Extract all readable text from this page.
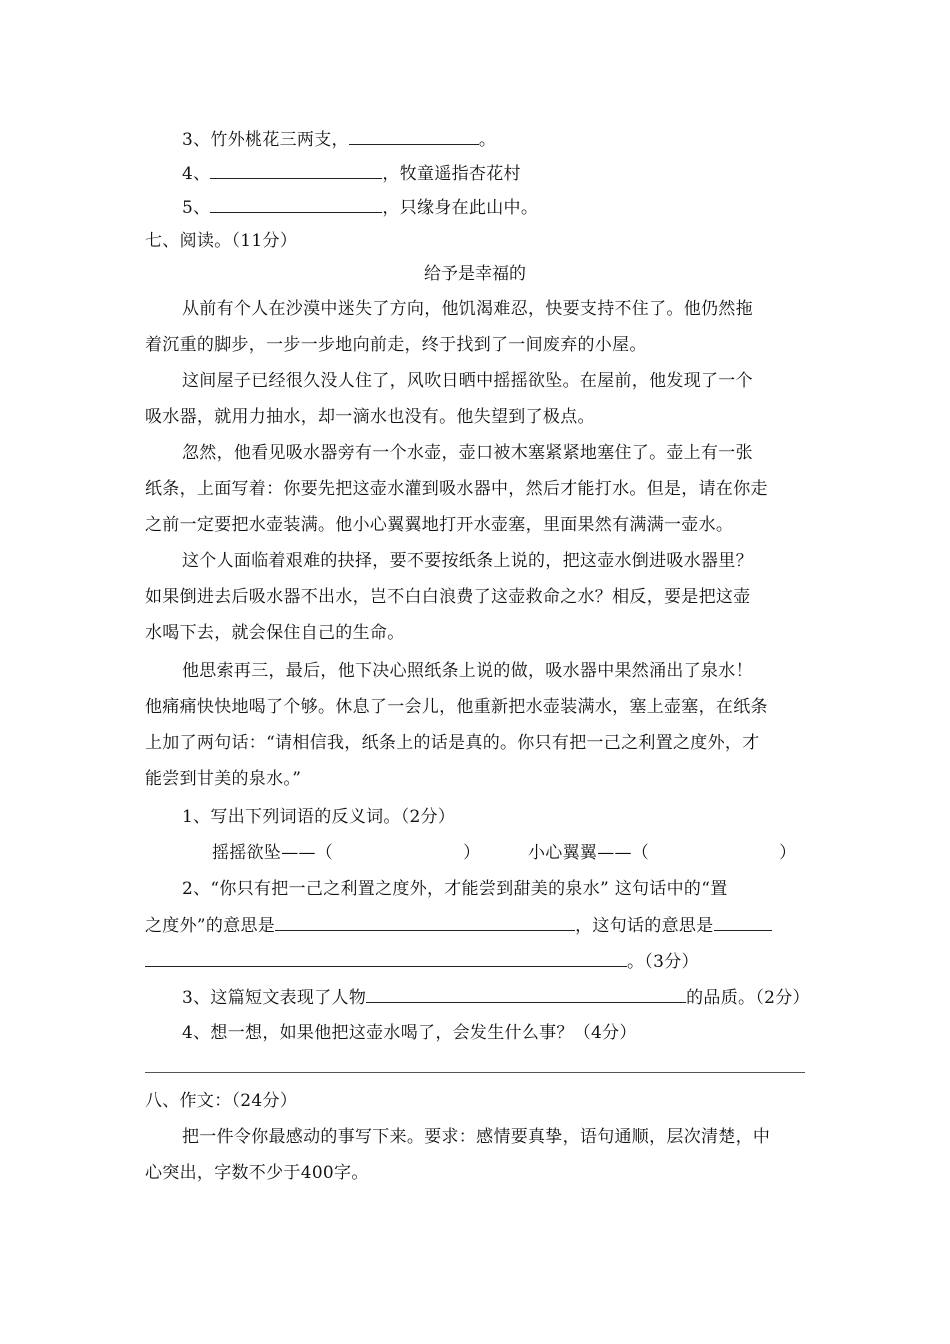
3、竹外桃花三两支，	。
4、	，牧童遥指杏花村
5、	，只缘身在此山中。
七、阅读。（11分）
给予是幸福的
从前有个人在沙漠中迷失了方向，他饥渴难忍，快要支持不住了。他仍然拖
着沉重的脚步，一步一步地向前走，终于找到了一间废弃的小屋。
这间屋子已经很久没人住了，风吹日晒中摇摇欲坠。在屋前，他发现了一个
吸水器，就用力抽水，却一滴水也没有。他失望到了极点。
忽然，他看见吸水器旁有一个水壶，壶口被木塞紧紧地塞住了。壶上有一张
纸条，上面写着：你要先把这壶水灌到吸水器中，然后才能打水。但是，请在你走
之前一定要把水壶装满。他小心翼翼地打开水壶塞，里面果然有满满一壶水。
这个人面临着艰难的抉择，要不要按纸条上说的，把这壶水倒进吸水器里？
如果倒进去后吸水器不出水，岂不白白浪费了这壶救命之水？相反，要是把这壶
水喝下去，就会保住自己的生命。
他思索再三，最后，他下决心照纸条上说的做，吸水器中果然涌出了泉水！
他痛痛快快地喝了个够。休息了一会儿，他重新把水壶装满水，塞上壶塞，在纸条
上加了两句话：“请相信我，纸条上的话是真的。你只有把一己之利置之度外，才
能尝到甘美的泉水。”
1、写出下列词语的反义词。（2分）
摇摇欲坠——（	）	小心翼翼——（	）
2、“你只有把一己之利置之度外，才能尝到甜美的泉水” 这句话中的“置
之度外”的意思是	，这句话的意思是
。（3分）
3、这篇短文表现了人物	的品质。（2分）
4、想一想，如果他把这壶水喝了，会发生什么事？（4分）
八、作文：（24分）
把一件令你最感动的事写下来。要求：感情要真挚，语句通顺，层次清楚，中
心突出，字数不少于400字。
